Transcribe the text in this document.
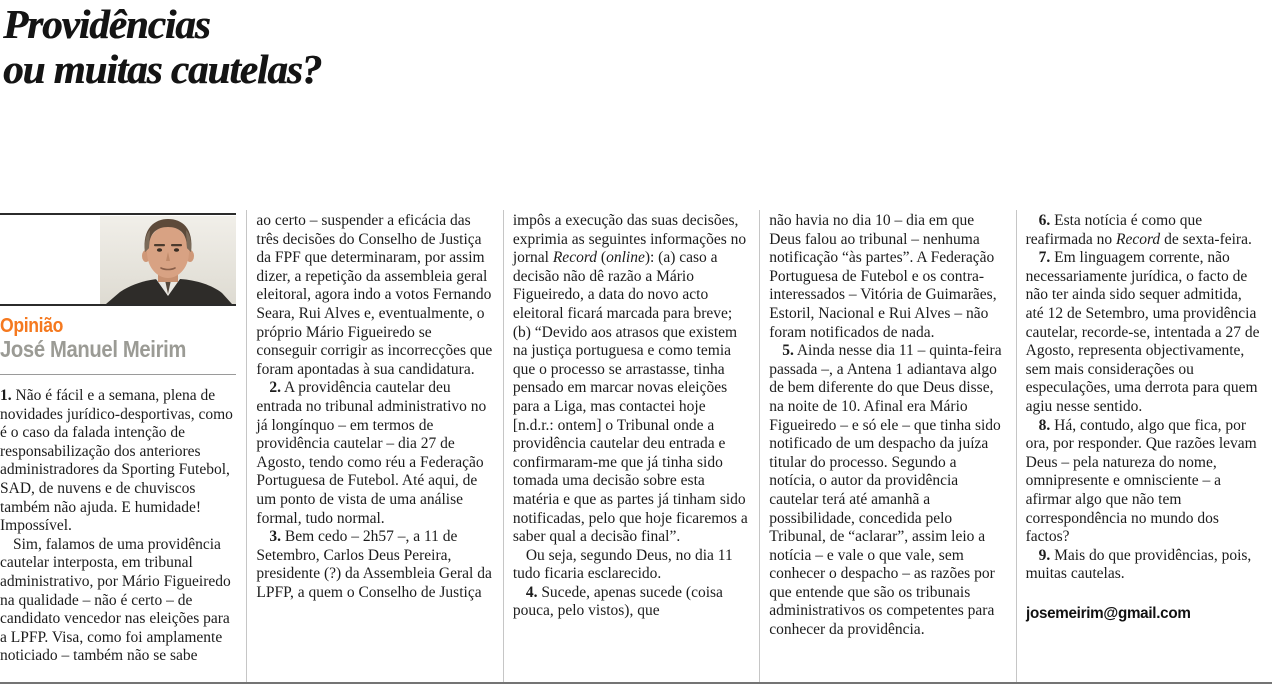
Providências
ou muitas cautelas?
Opinião
José Manuel Meirim

1. Não é fácil e a semana, plena de novidades jurídico-desportivas, como é o caso da falada intenção de responsabilização dos anteriores administradores da Sporting Futebol, SAD, de nuvens e de chuviscos também não ajuda. E humidade! Impossível.

Sim, falamos de uma providência cautelar interposta, em tribunal administrativo, por Mário Figueiredo na qualidade – não é certo – de candidato vencedor nas eleições para a LPFP. Visa, como foi amplamente noticiado – também não se sabe

ao certo – suspender a eficácia das três decisões do Conselho de Justiça da FPF que determinaram, por assim dizer, a repetição da assembleia geral eleitoral, agora indo a votos Fernando Seara, Rui Alves e, eventualmente, o próprio Mário Figueiredo se conseguir corrigir as incorrecções que foram apontadas à sua candidatura.

2. A providência cautelar deu entrada no tribunal administrativo no já longínquo – em termos de providência cautelar – dia 27 de Agosto, tendo como réu a Federação Portuguesa de Futebol. Até aqui, de um ponto de vista de uma análise formal, tudo normal.

3. Bem cedo – 2h57 –, a 11 de Setembro, Carlos Deus Pereira, presidente (?) da Assembleia Geral da LPFP, a quem o Conselho de Justiça

impôs a execução das suas decisões, exprimia as seguintes informações no jornal Record (online): (a) caso a decisão não dê razão a Mário Figueiredo, a data do novo acto eleitoral ficará marcada para breve; (b) “Devido aos atrasos que existem na justiça portuguesa e como temia que o processo se arrastasse, tinha pensado em marcar novas eleições para a Liga, mas contactei hoje [n.d.r.: ontem] o Tribunal onde a providência cautelar deu entrada e confirmaram-me que já tinha sido tomada uma decisão sobre esta matéria e que as partes já tinham sido notificadas, pelo que hoje ficaremos a saber qual a decisão final”.

Ou seja, segundo Deus, no dia 11 tudo ficaria esclarecido.

4. Sucede, apenas sucede (coisa pouca, pelo vistos), que

não havia no dia 10 – dia em que Deus falou ao tribunal – nenhuma notificação “às partes”. A Federação Portuguesa de Futebol e os contra-interessados – Vitória de Guimarães, Estoril, Nacional e Rui Alves – não foram notificados de nada.

5. Ainda nesse dia 11 – quinta-feira passada –, a Antena 1 adiantava algo de bem diferente do que Deus disse, na noite de 10. Afinal era Mário Figueiredo – e só ele – que tinha sido notificado de um despacho da juíza titular do processo. Segundo a notícia, o autor da providência cautelar terá até amanhã a possibilidade, concedida pelo Tribunal, de “aclarar”, assim leio a notícia – e vale o que vale, sem conhecer o despacho – as razões por que entende que são os tribunais administrativos os competentes para conhecer da providência.

6. Esta notícia é como que reafirmada no Record de sexta-feira.

7. Em linguagem corrente, não necessariamente jurídica, o facto de não ter ainda sido sequer admitida, até 12 de Setembro, uma providência cautelar, recorde-se, intentada a 27 de Agosto, representa objectivamente, sem mais considerações ou especulações, uma derrota para quem agiu nesse sentido.

8. Há, contudo, algo que fica, por ora, por responder. Que razões levam Deus – pela natureza do nome, omnipresente e omnisciente – a afirmar algo que não tem correspondência no mundo dos factos?

9. Mais do que providências, pois, muitas cautelas.

josemeirim@gmail.com
